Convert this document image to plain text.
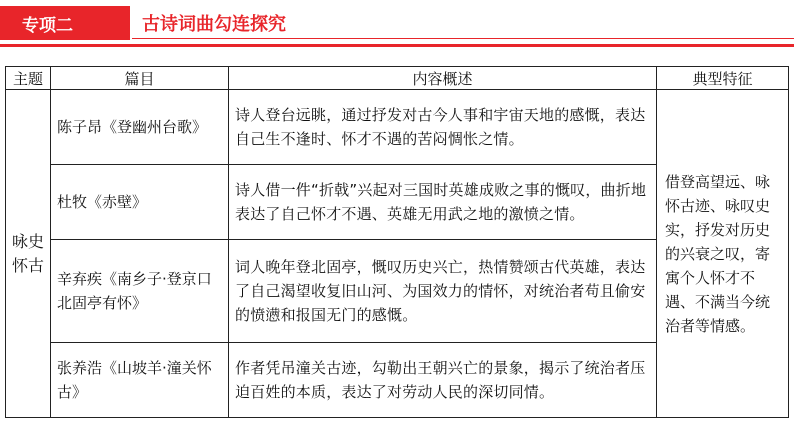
专项二	古诗词曲勾连探究
主题	篇目	内容概述	典型特征
咏史怀古	陈子昂《登幽州台歌》	诗人登台远眺，通过抒发对古今人事和宇宙天地的感慨，表达自己生不逢时、怀才不遇的苦闷惆怅之情。	借登高望远、咏怀古迹、咏叹史实，抒发对历史的兴衰之叹，寄寓个人怀才不遇、不满当今统治者等情感。
	杜牧《赤壁》	诗人借一件“折戟”兴起对三国时英雄成败之事的慨叹，曲折地表达了自己怀才不遇、英雄无用武之地的激愤之情。	
	辛弃疾《南乡子·登京口北固亭有怀》	词人晚年登北固亭，慨叹历史兴亡，热情赞颂古代英雄，表达了自己渴望收复旧山河、为国效力的情怀，对统治者苟且偷安的愤懑和报国无门的感慨。	
	张养浩《山坡羊·潼关怀古》	作者凭吊潼关古迹，勾勒出王朝兴亡的景象，揭示了统治者压迫百姓的本质，表达了对劳动人民的深切同情。	
